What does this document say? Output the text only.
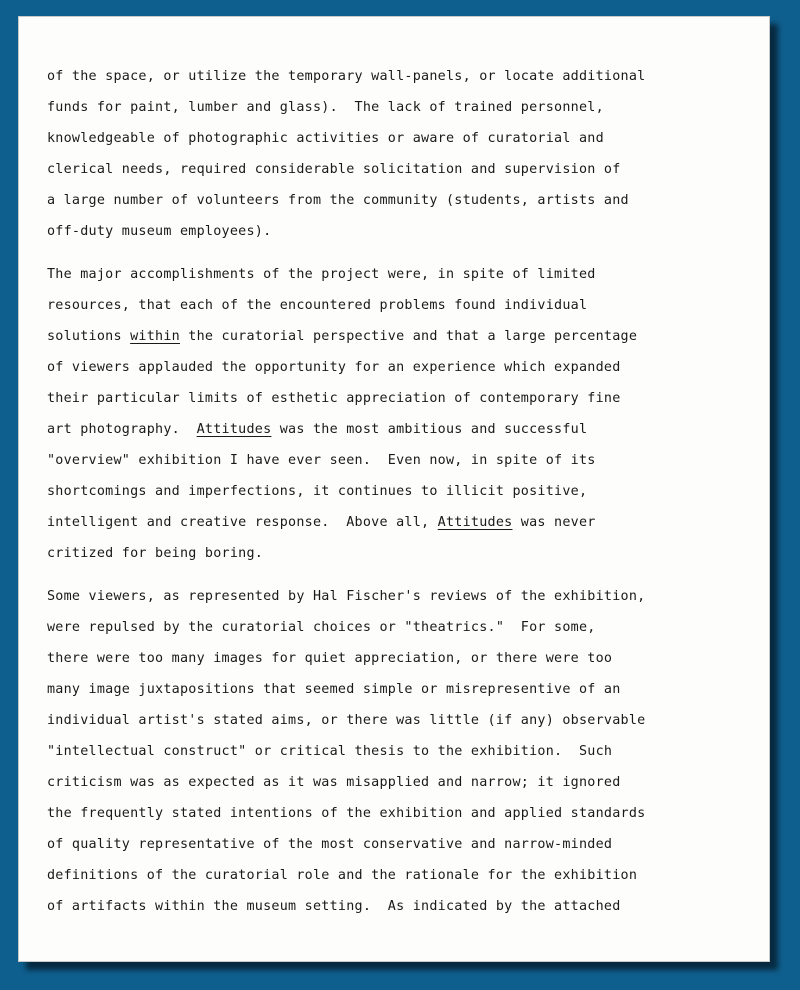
of the space, or utilize the temporary wall-panels, or locate additional
funds for paint, lumber and glass).  The lack of trained personnel,
knowledgeable of photographic activities or aware of curatorial and
clerical needs, required considerable solicitation and supervision of
a large number of volunteers from the community (students, artists and
off-duty museum employees).
The major accomplishments of the project were, in spite of limited
resources, that each of the encountered problems found individual
solutions within the curatorial perspective and that a large percentage
of viewers applauded the opportunity for an experience which expanded
their particular limits of esthetic appreciation of contemporary fine
art photography.  Attitudes was the most ambitious and successful
"overview" exhibition I have ever seen.  Even now, in spite of its
shortcomings and imperfections, it continues to illicit positive,
intelligent and creative response.  Above all, Attitudes was never
critized for being boring.
Some viewers, as represented by Hal Fischer's reviews of the exhibition,
were repulsed by the curatorial choices or "theatrics."  For some,
there were too many images for quiet appreciation, or there were too
many image juxtapositions that seemed simple or misrepresentive of an
individual artist's stated aims, or there was little (if any) observable
"intellectual construct" or critical thesis to the exhibition.  Such
criticism was as expected as it was misapplied and narrow; it ignored
the frequently stated intentions of the exhibition and applied standards
of quality representative of the most conservative and narrow-minded
definitions of the curatorial role and the rationale for the exhibition
of artifacts within the museum setting.  As indicated by the attached
